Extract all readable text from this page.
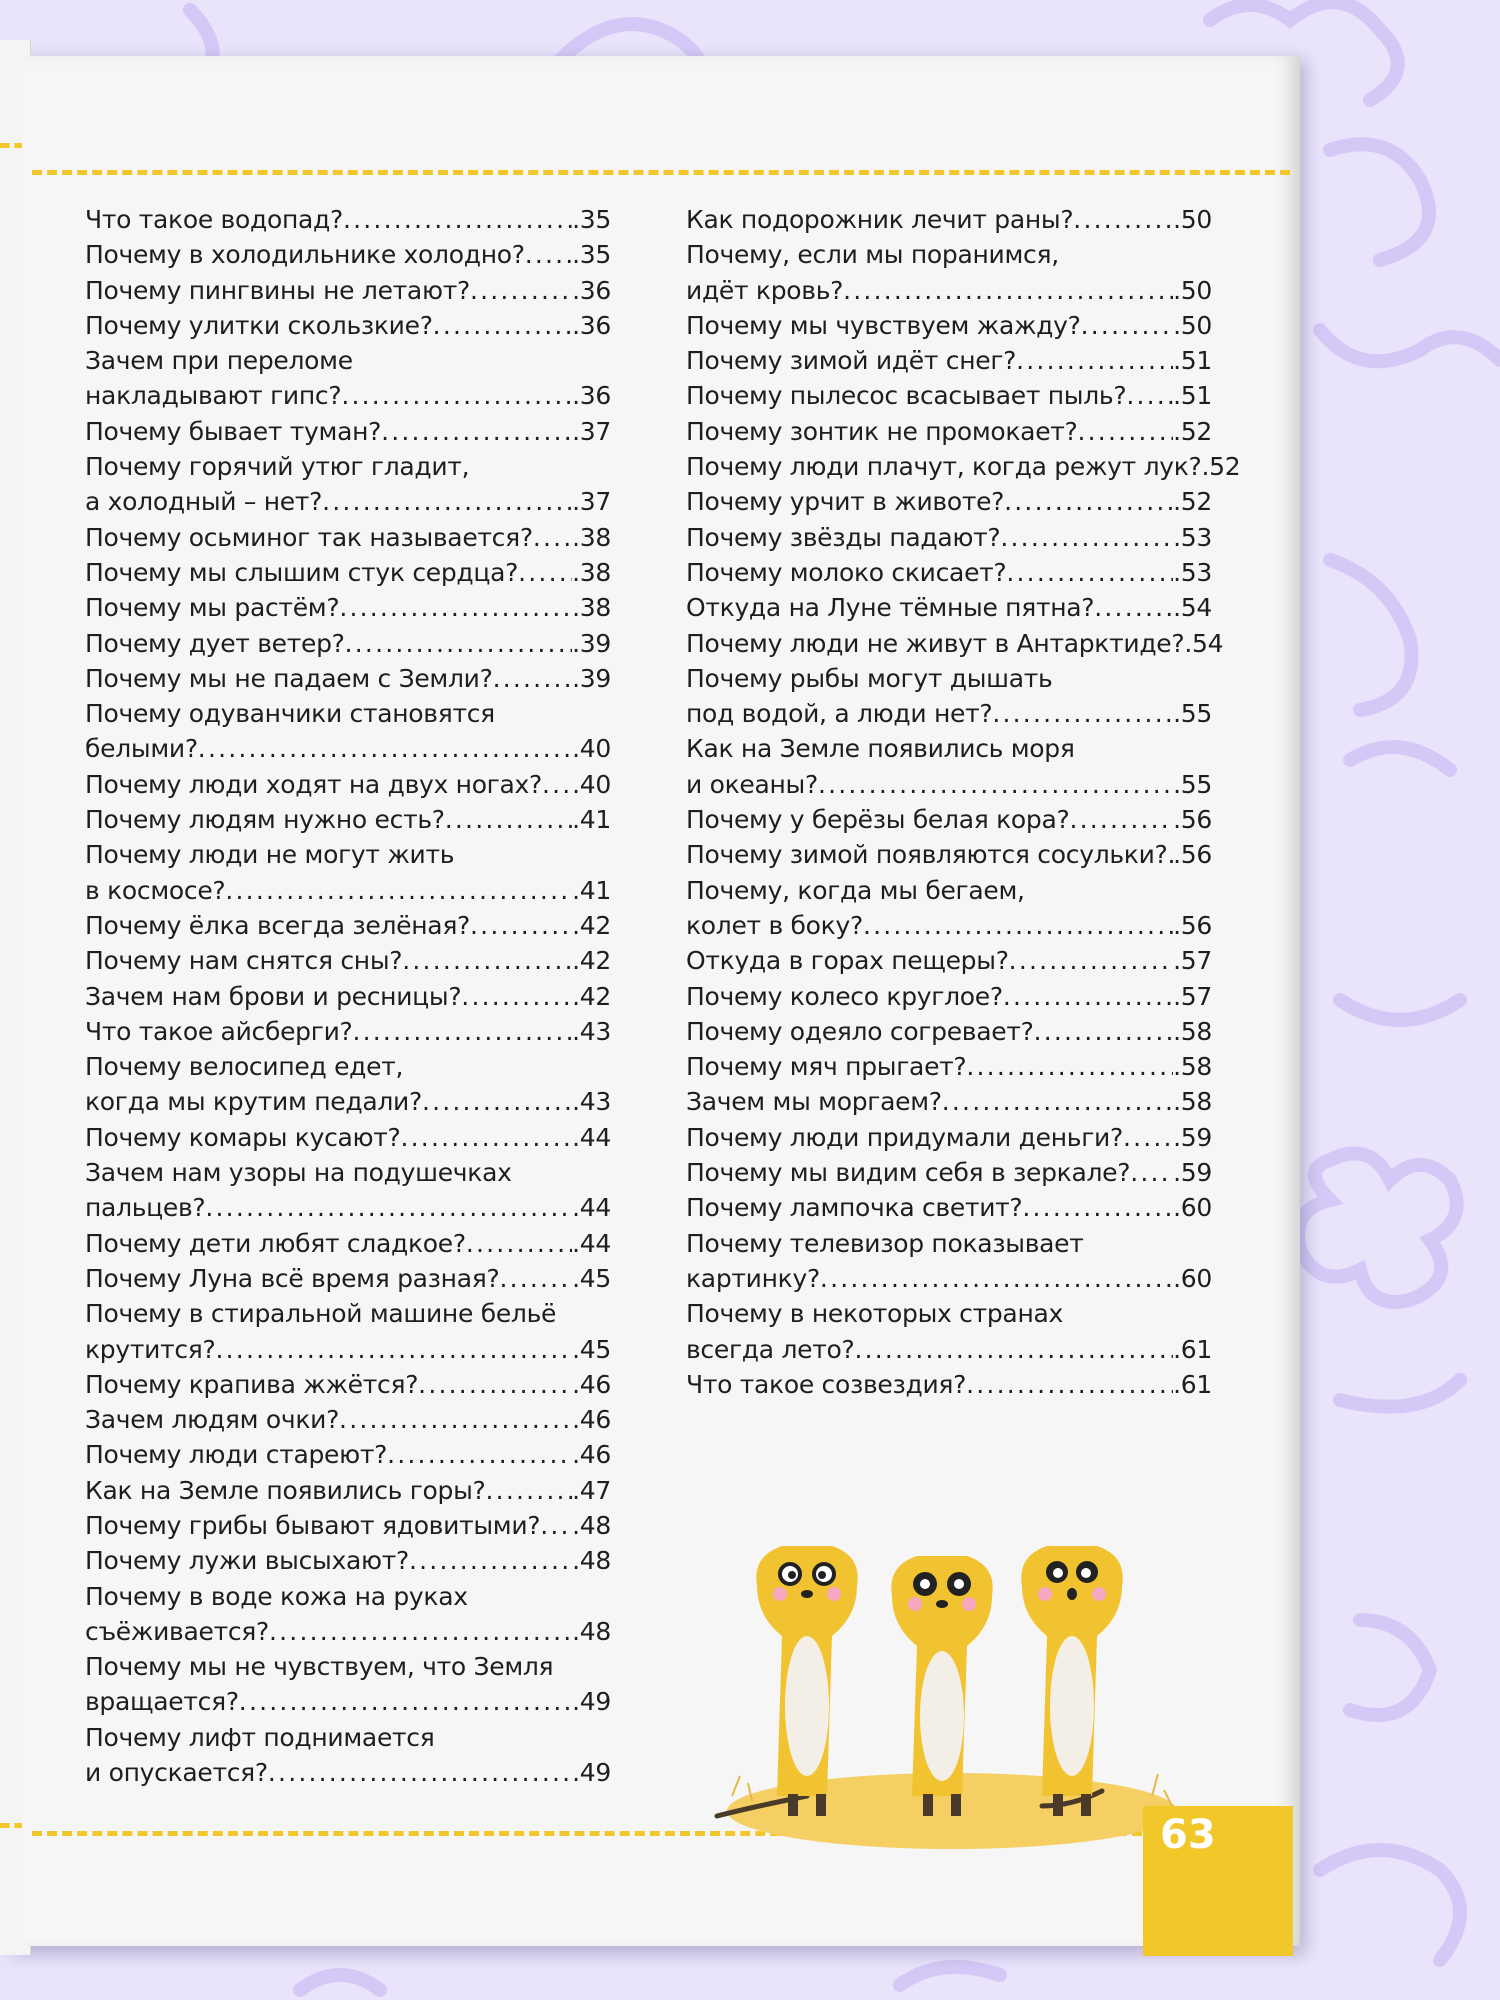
Что такое водопад? .....	.35
Почему в холодильнике холодно? ..... .35
Почему пингвины не летают? .....	.36
Почему улитки скользкие? .....	.36
Зачем при переломе
накладывают гипс? .....	.36
Почему бывает туман? .....	.37
Почему горячий утюг гладит,
а холодный – нет? .....	.37
Почему осьминог так называется? ..... .38
Почему мы слышим стук сердца? ..... .38
Почему мы растём? .....	.38
Почему дует ветер? .....	.39
Почему мы не падаем с Земли? .....	.39
Почему одуванчики становятся
белыми? .....	.40
Почему люди ходят на двух ногах? ..... .40
Почему людям нужно есть? .....	.41
Почему люди не могут жить
в космосе? .....	.41
Почему ёлка всегда зелёная? .....	.42
Почему нам снятся сны? .....	.42
Зачем нам брови и ресницы? .....	.42
Что такое айсберги? .....	.43
Почему велосипед едет,
когда мы крутим педали? .....	.43
Почему комары кусают? .....	.44
Зачем нам узоры на подушечках
пальцев? .....	.44
Почему дети любят сладкое? .....	.44
Почему Луна всё время разная? .....	.45
Почему в стиральной машине бельё
крутится? .....	.45
Почему крапива жжётся? .....	.46
Зачем людям очки? .....	.46
Почему люди стареют? .....	.46
Как на Земле появились горы? .....	.47
Почему грибы бывают ядовитыми? ..... .48
Почему лужи высыхают? .....	.48
Почему в воде кожа на руках
съёживается? .....	.48
Почему мы не чувствуем, что Земля
вращается? .....	.49
Почему лифт поднимается
и опускается? .....	.49
Как подорожник лечит раны? .....	.50
Почему, если мы поранимся,
идёт кровь? .....	.50
Почему мы чувствуем жажду? .....	.50
Почему зимой идёт снег? .....	.51
Почему пылесос всасывает пыль? ..... .51
Почему зонтик не промокает? .....	.52
Почему люди плачут, когда режут лук? .52
Почему урчит в животе? .....	.52
Почему звёзды падают? .....	.53
Почему молоко скисает? .....	.53
Откуда на Луне тёмные пятна? .....	.54
Почему люди не живут в Антарктиде? .54
Почему рыбы могут дышать
под водой, а люди нет? .....	.55
Как на Земле появились моря
и океаны? .....	.55
Почему у берёзы белая кора? .....	.56
Почему зимой появляются сосульки? ..... .56
Почему, когда мы бегаем,
колет в боку? .....	.56
Откуда в горах пещеры? .....	.57
Почему колесо круглое? .....	.57
Почему одеяло согревает? .....	.58
Почему мяч прыгает? .....	.58
Зачем мы моргаем? .....	.58
Почему люди придумали деньги? ..... .59
Почему мы видим себя в зеркале? ..... .59
Почему лампочка светит? .....	.60
Почему телевизор показывает
картинку? .....	.60
Почему в некоторых странах
всегда лето? .....	.61
Что такое созвездия? .....	.61
63
